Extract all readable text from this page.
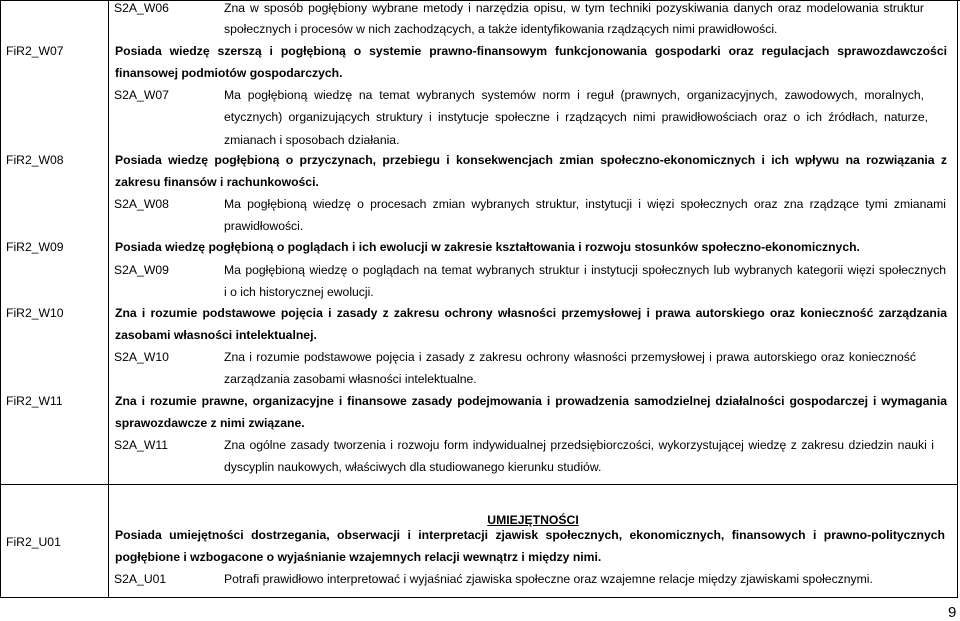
S2A_W06	Zna w sposób pogłębiony wybrane metody i narzędzia opisu, w tym techniki pozyskiwania danych oraz modelowania struktur
społecznych i procesów w nich zachodzących, a także identyfikowania rządzących nimi prawidłowości.
FiR2_W07	Posiada wiedzę szerszą i pogłębioną o systemie prawno-finansowym funkcjonowania gospodarki oraz regulacjach sprawozdawczości
finansowej podmiotów gospodarczych.
S2A_W07	Ma pogłębioną wiedzę na temat wybranych systemów norm i reguł (prawnych, organizacyjnych, zawodowych, moralnych,
etycznych) organizujących struktury i instytucje społeczne i rządzących nimi prawidłowościach oraz o ich źródłach, naturze,
zmianach i sposobach działania.
FiR2_W08	Posiada wiedzę pogłębioną o przyczynach, przebiegu i konsekwencjach zmian społeczno-ekonomicznych i ich wpływu na rozwiązania z
zakresu finansów i rachunkowości.
S2A_W08	Ma pogłębioną wiedzę o procesach zmian wybranych struktur, instytucji i więzi społecznych oraz zna rządzące tymi zmianami
prawidłowości.
FiR2_W09	Posiada wiedzę pogłębioną o poglądach i ich ewolucji w zakresie kształtowania i rozwoju stosunków społeczno-ekonomicznych.
S2A_W09	Ma pogłębioną wiedzę o poglądach na temat wybranych struktur i instytucji społecznych lub wybranych kategorii więzi społecznych
i o ich historycznej ewolucji.
FiR2_W10	Zna i rozumie podstawowe pojęcia i zasady z zakresu ochrony własności przemysłowej i prawa autorskiego oraz konieczność zarządzania
zasobami własności intelektualnej.
S2A_W10	Zna i rozumie podstawowe pojęcia i zasady z zakresu ochrony własności przemysłowej i prawa autorskiego oraz konieczność
zarządzania zasobami własności intelektualne.
FiR2_W11	Zna i rozumie prawne, organizacyjne i finansowe zasady podejmowania i prowadzenia samodzielnej działalności gospodarczej i wymagania
sprawozdawcze z nimi związane.
S2A_W11	Zna ogólne zasady tworzenia i rozwoju form indywidualnej przedsiębiorczości, wykorzystującej wiedzę z zakresu dziedzin nauki i
dyscyplin naukowych, właściwych dla studiowanego kierunku studiów.
UMIEJĘTNOŚCI
FiR2_U01	Posiada umiejętności dostrzegania, obserwacji i interpretacji zjawisk społecznych, ekonomicznych, finansowych i prawno-politycznych
pogłębione i wzbogacone o wyjaśnianie wzajemnych relacji wewnątrz i między nimi.
S2A_U01	Potrafi prawidłowo interpretować i wyjaśniać zjawiska społeczne oraz wzajemne relacje między zjawiskami społecznymi.
9
